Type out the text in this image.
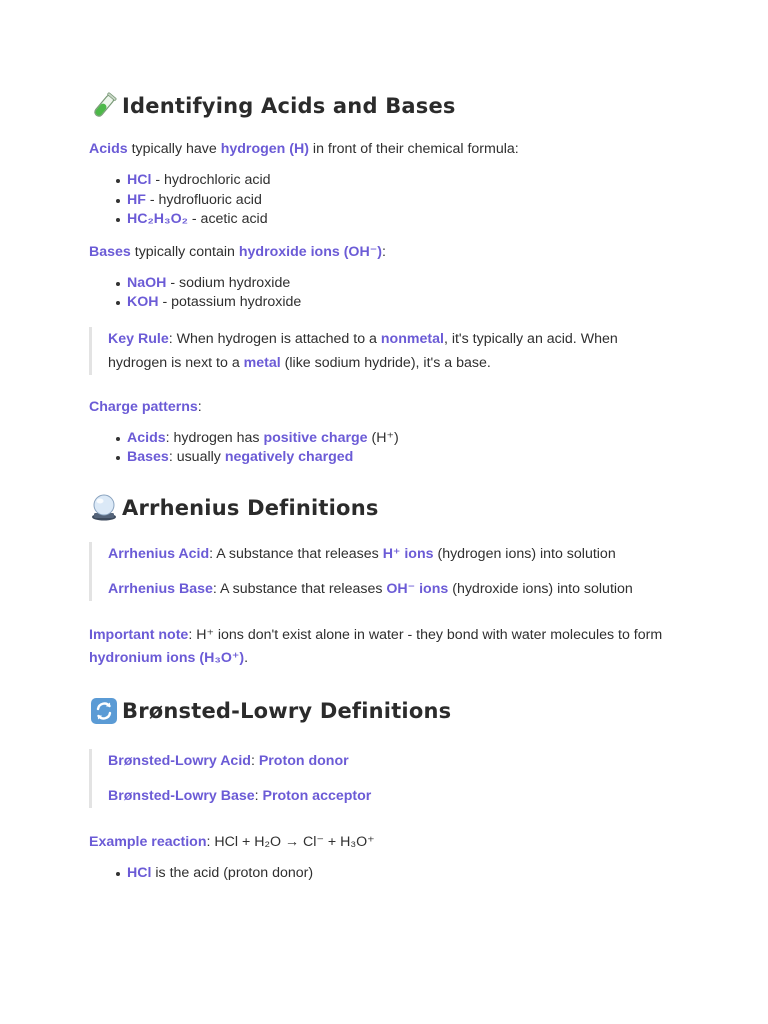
Identifying Acids and Bases

Acids typically have hydrogen (H) in front of their chemical formula:

HCl - hydrochloric acid
HF - hydrofluoric acid
HC₂H₃O₂ - acetic acid

Bases typically contain hydroxide ions (OH⁻):

NaOH - sodium hydroxide
KOH - potassium hydroxide

Key Rule: When hydrogen is attached to a nonmetal, it's typically an acid. When hydrogen is next to a metal (like sodium hydride), it's a base.

Charge patterns:

Acids: hydrogen has positive charge (H⁺)
Bases: usually negatively charged
Arrhenius Definitions

Arrhenius Acid: A substance that releases H⁺ ions (hydrogen ions) into solution

Arrhenius Base: A substance that releases OH⁻ ions (hydroxide ions) into solution

Important note: H⁺ ions don't exist alone in water - they bond with water molecules to form hydronium ions (H₃O⁺).

Brønsted-Lowry Definitions

Brønsted-Lowry Acid: Proton donor

Brønsted-Lowry Base: Proton acceptor

Example reaction: HCl + H₂O → Cl⁻ + H₃O⁺

HCl is the acid (proton donor)
